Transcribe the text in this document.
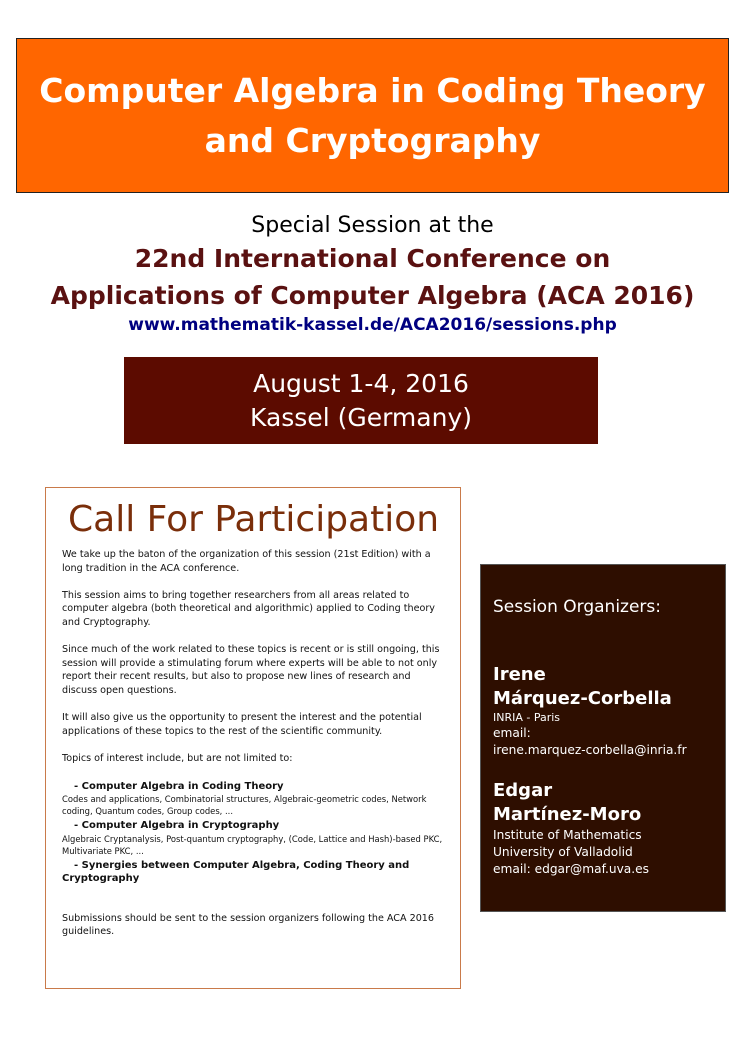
Computer Algebra in Coding Theory
and Cryptography
Special Session at the
22nd International Conference on
Applications of Computer Algebra (ACA 2016)
www.mathematik-kassel.de/ACA2016/sessions.php
August 1-4, 2016
Kassel (Germany)
Call For Participation

We take up the baton of the organization of this session (21st Edition) with a long tradition in the ACA conference.

This session aims to bring together researchers from all areas related to computer algebra (both theoretical and algorithmic) applied to Coding theory and Cryptography.

Since much of the work related to these topics is recent or is still ongoing, this session will provide a stimulating forum where experts will be able to not only report their recent results, but also to propose new lines of research and discuss open questions.

It will also give us the opportunity to present the interest and the potential applications of these topics to the rest of the scientific community.

Topics of interest include, but are not limited to:

- Computer Algebra in Coding Theory
Codes and applications, Combinatorial structures, Algebraic-geometric codes, Network coding, Quantum codes, Group codes, ...
- Computer Algebra in Cryptography
Algebraic Cryptanalysis, Post-quantum cryptography, (Code, Lattice and Hash)-based PKC, Multivariate PKC, ...
- Synergies between Computer Algebra, Coding Theory and Cryptography

Submissions should be sent to the session organizers following the ACA 2016 guidelines.

Session Organizers:
Irene
Márquez-Corbella
INRIA - Paris
email:
irene.marquez-corbella@inria.fr
Edgar
Martínez-Moro
Institute of Mathematics
University of Valladolid
email: edgar@maf.uva.es
